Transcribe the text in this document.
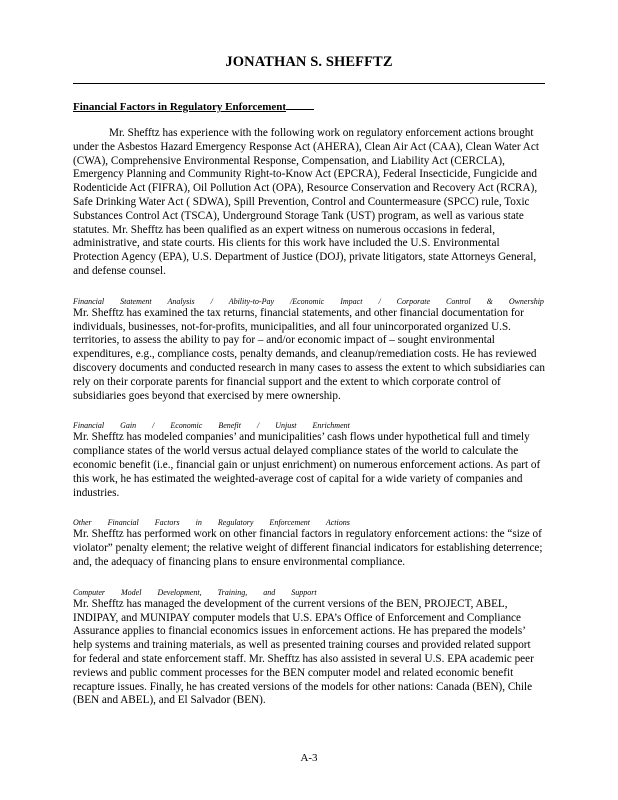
JONATHAN S. SHEFFTZ
Financial Factors in Regulatory Enforcement

Mr. Shefftz has experience with the following work on regulatory enforcement actions brought under the Asbestos Hazard Emergency Response Act (AHERA), Clean Air Act (CAA), Clean Water Act (CWA), Comprehensive Environmental Response, Compensation, and Liability Act (CERCLA), Emergency Planning and Community Right-to-Know Act (EPCRA), Federal Insecticide, Fungicide and Rodenticide Act (FIFRA), Oil Pollution Act (OPA), Resource Conservation and Recovery Act (RCRA), Safe Drinking Water Act ( SDWA), Spill Prevention, Control and Countermeasure (SPCC) rule, Toxic Substances Control Act (TSCA), Underground Storage Tank (UST) program, as well as various state statutes. Mr. Shefftz has been qualified as an expert witness on numerous occasions in federal, administrative, and state courts. His clients for this work have included the U.S. Environmental Protection Agency (EPA), U.S. Department of Justice (DOJ), private litigators, state Attorneys General, and defense counsel.

Financial Statement Analysis / Ability-to-Pay /Economic Impact / Corporate Control & Ownership

Mr. Shefftz has examined the tax returns, financial statements, and other financial documentation for individuals, businesses, not-for-profits, municipalities, and all four unincorporated organized U.S. territories, to assess the ability to pay for – and/or economic impact of – sought environmental expenditures, e.g., compliance costs, penalty demands, and cleanup/remediation costs. He has reviewed discovery documents and conducted research in many cases to assess the extent to which subsidiaries can rely on their corporate parents for financial support and the extent to which corporate control of subsidiaries goes beyond that exercised by mere ownership.

Financial Gain / Economic Benefit / Unjust Enrichment

Mr. Shefftz has modeled companies’ and municipalities’ cash flows under hypothetical full and timely compliance states of the world versus actual delayed compliance states of the world to calculate the economic benefit (i.e., financial gain or unjust enrichment) on numerous enforcement actions. As part of this work, he has estimated the weighted-average cost of capital for a wide variety of companies and industries.

Other Financial Factors in Regulatory Enforcement Actions

Mr. Shefftz has performed work on other financial factors in regulatory enforcement actions: the “size of violator” penalty element; the relative weight of different financial indicators for establishing deterrence; and, the adequacy of financing plans to ensure environmental compliance.

Computer Model Development, Training, and Support

Mr. Shefftz has managed the development of the current versions of the BEN, PROJECT, ABEL, INDIPAY, and MUNIPAY computer models that U.S. EPA’s Office of Enforcement and Compliance Assurance applies to financial economics issues in enforcement actions. He has prepared the models’ help systems and training materials, as well as presented training courses and provided related support for federal and state enforcement staff. Mr. Shefftz has also assisted in several U.S. EPA academic peer reviews and public comment processes for the BEN computer model and related economic benefit recapture issues. Finally, he has created versions of the models for other nations: Canada (BEN), Chile (BEN and ABEL), and El Salvador (BEN).

A-3
